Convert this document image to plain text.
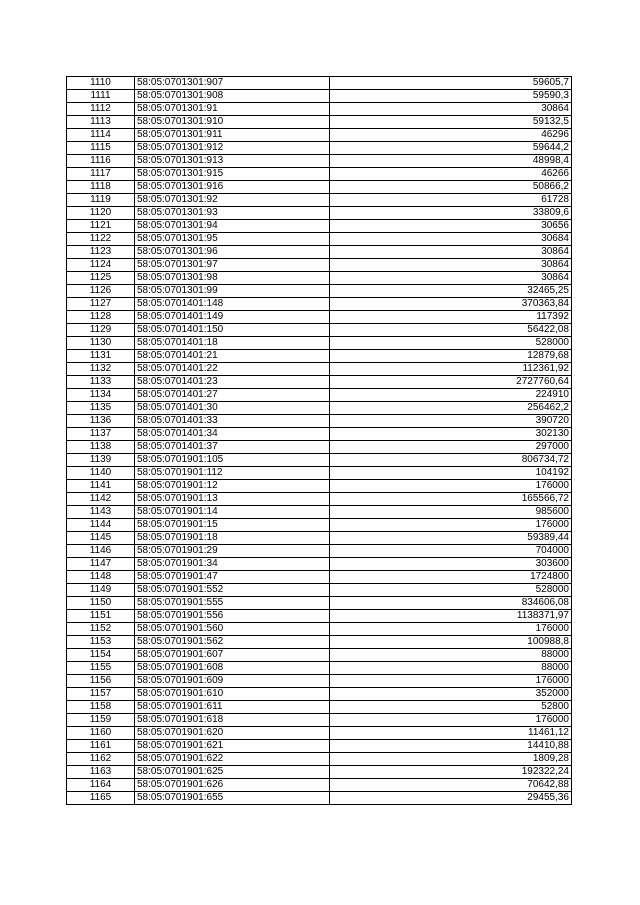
1110	58:05:0701301:907	59605,7
1111	58:05:0701301:908	59590,3
1112	58:05:0701301:91	30864
1113	58:05:0701301:910	59132,5
1114	58:05:0701301:911	46296
1115	58:05:0701301:912	59644,2
1116	58:05:0701301:913	48998,4
1117	58:05:0701301:915	46266
1118	58:05:0701301:916	50866,2
1119	58:05:0701301:92	61728
1120	58:05:0701301:93	33809,6
1121	58:05:0701301:94	30656
1122	58:05:0701301:95	30684
1123	58:05:0701301:96	30864
1124	58:05:0701301:97	30864
1125	58:05:0701301:98	30864
1126	58:05:0701301:99	32465,25
1127	58:05:0701401:148	370363,84
1128	58:05:0701401:149	117392
1129	58:05:0701401:150	56422,08
1130	58:05:0701401:18	528000
1131	58:05:0701401:21	12879,68
1132	58:05:0701401:22	112361,92
1133	58:05:0701401:23	2727760,64
1134	58:05:0701401:27	224910
1135	58:05:0701401:30	256462,2
1136	58:05:0701401:33	390720
1137	58:05:0701401:34	302130
1138	58:05:0701401:37	297000
1139	58:05:0701901:105	806734,72
1140	58:05:0701901:112	104192
1141	58:05:0701901:12	176000
1142	58:05:0701901:13	165566,72
1143	58:05:0701901:14	985600
1144	58:05:0701901:15	176000
1145	58:05:0701901:18	59389,44
1146	58:05:0701901:29	704000
1147	58:05:0701901:34	303600
1148	58:05:0701901:47	1724800
1149	58:05:0701901:552	528000
1150	58:05:0701901:555	834606,08
1151	58:05:0701901:556	1138371,97
1152	58:05:0701901:560	176000
1153	58:05:0701901:562	100988,8
1154	58:05:0701901:607	88000
1155	58:05:0701901:608	88000
1156	58:05:0701901:609	176000
1157	58:05:0701901:610	352000
1158	58:05:0701901:611	52800
1159	58:05:0701901:618	176000
1160	58:05:0701901:620	11461,12
1161	58:05:0701901:621	14410,88
1162	58:05:0701901:622	1809,28
1163	58:05:0701901:625	192322,24
1164	58:05:0701901:626	70642,88
1165	58:05:0701901:655	29455,36
